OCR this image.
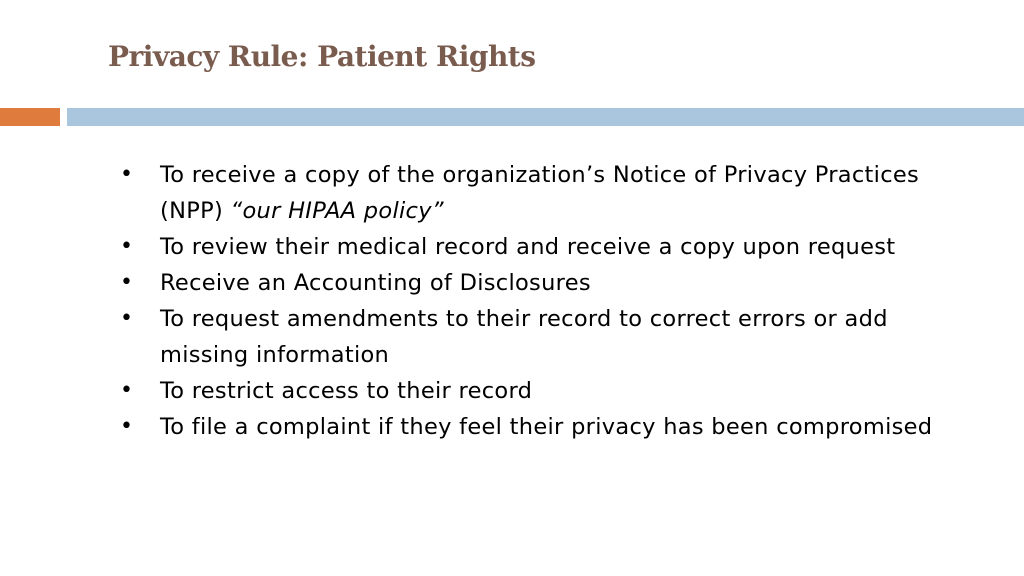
Privacy Rule: Patient Rights
• To receive a copy of the organization’s Notice of Privacy Practices (NPP) “our HIPAA policy”
• To review their medical record and receive a copy upon request
• Receive an Accounting of Disclosures
• To request amendments to their record to correct errors or add missing information
• To restrict access to their record
• To file a complaint if they feel their privacy has been compromised
